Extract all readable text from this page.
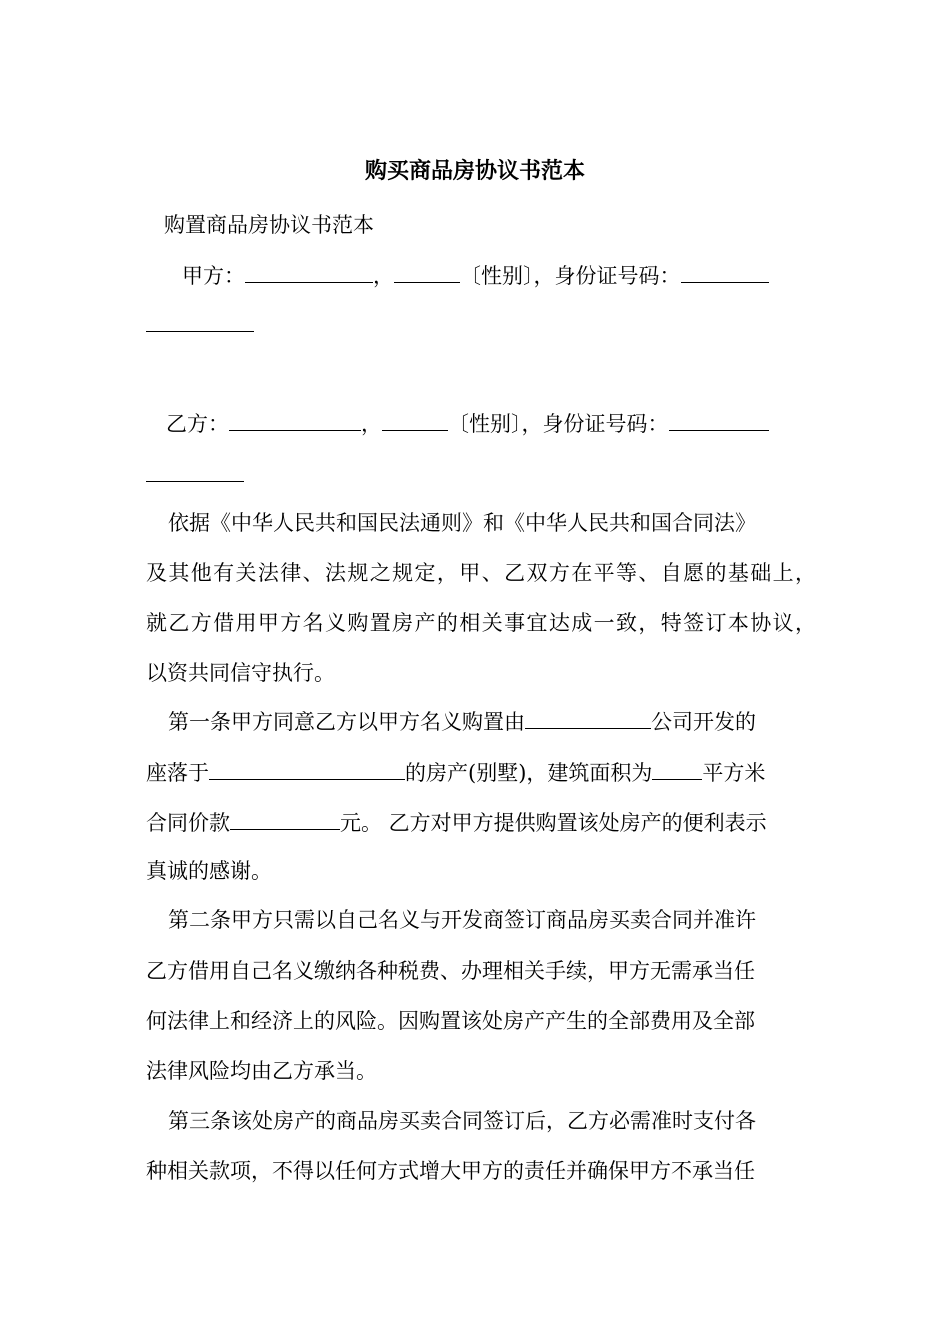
购买商品房协议书范本
购置商品房协议书范本
甲方：	，	〔性别〕，身份证号码：
乙方：	，	〔性别〕，身份证号码：
依据《中华人民共和国民法通则》和《中华人民共和国合同法》
及其他有关法律、法规之规定，甲、乙双方在平等、自愿的基础上，
就乙方借用甲方名义购置房产的相关事宜达成一致，特签订本协议，
以资共同信守执行。
第一条甲方同意乙方以甲方名义购置由	公司开发的
座落于	的房产(别墅)，建筑面积为 平方米
合同价款	元。 乙方对甲方提供购置该处房产的便利表示
真诚的感谢。
第二条甲方只需以自己名义与开发商签订商品房买卖合同并准许
乙方借用自己名义缴纳各种税费、办理相关手续，甲方无需承当任
何法律上和经济上的风险。因购置该处房产产生的全部费用及全部
法律风险均由乙方承当。
第三条该处房产的商品房买卖合同签订后，乙方必需准时支付各
种相关款项，不得以任何方式增大甲方的责任并确保甲方不承当任
